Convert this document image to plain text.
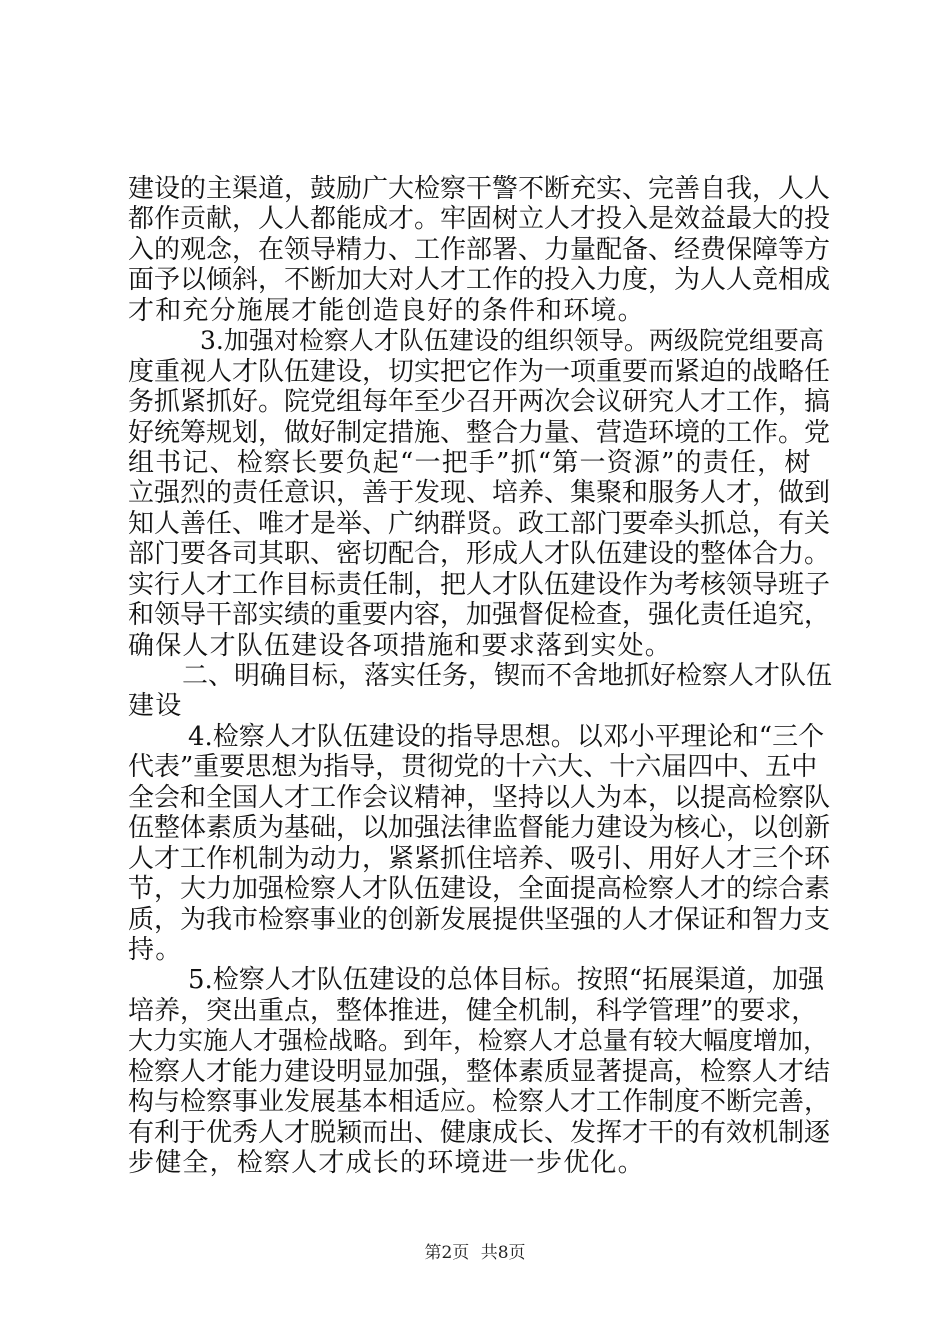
建设的主渠道，鼓励广大检察干警不断充实、完善自我，人人
都作贡献，人人都能成才。牢固树立人才投入是效益最大的投
入的观念，在领导精力、工作部署、力量配备、经费保障等方
面予以倾斜，不断加大对人才工作的投入力度，为人人竞相成
才和充分施展才能创造良好的条件和环境。
3.加强对检察人才队伍建设的组织领导。两级院党组要高
度重视人才队伍建设，切实把它作为一项重要而紧迫的战略任
务抓紧抓好。院党组每年至少召开两次会议研究人才工作，搞
好统筹规划，做好制定措施、整合力量、营造环境的工作。党
组书记、检察长要负起“一把手”抓“第一资源”的责任，树
立强烈的责任意识，善于发现、培养、集聚和服务人才，做到
知人善任、唯才是举、广纳群贤。政工部门要牵头抓总，有关
部门要各司其职、密切配合，形成人才队伍建设的整体合力。
实行人才工作目标责任制，把人才队伍建设作为考核领导班子
和领导干部实绩的重要内容，加强督促检查，强化责任追究，
确保人才队伍建设各项措施和要求落到实处。
二、明确目标，落实任务，锲而不舍地抓好检察人才队伍
建设
4.检察人才队伍建设的指导思想。以邓小平理论和“三个
代表”重要思想为指导，贯彻党的十六大、十六届四中、五中
全会和全国人才工作会议精神，坚持以人为本，以提高检察队
伍整体素质为基础，以加强法律监督能力建设为核心，以创新
人才工作机制为动力，紧紧抓住培养、吸引、用好人才三个环
节，大力加强检察人才队伍建设，全面提高检察人才的综合素
质，为我市检察事业的创新发展提供坚强的人才保证和智力支
持。
5.检察人才队伍建设的总体目标。按照“拓展渠道，加强
培养，突出重点，整体推进，健全机制，科学管理”的要求，
大力实施人才强检战略。到年，检察人才总量有较大幅度增加，
检察人才能力建设明显加强，整体素质显著提高，检察人才结
构与检察事业发展基本相适应。检察人才工作制度不断完善，
有利于优秀人才脱颖而出、健康成长、发挥才干的有效机制逐
步健全，检察人才成长的环境进一步优化。
第2页 共8页
